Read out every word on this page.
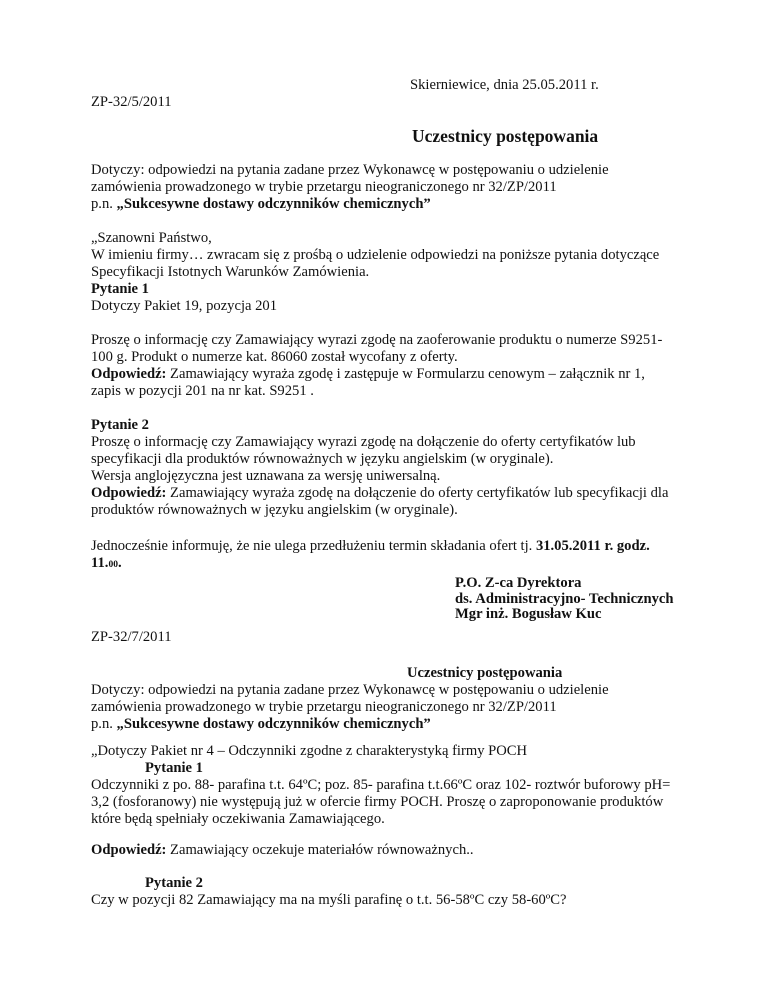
Skierniewice, dnia 25.05.2011 r.
ZP-32/5/2011
Uczestnicy postępowania
Dotyczy: odpowiedzi na pytania zadane przez Wykonawcę w postępowaniu o udzielenie zamówienia prowadzonego w trybie przetargu nieograniczonego nr 32/ZP/2011
p.n. „Sukcesywne dostawy odczynników chemicznych”
„Szanowni Państwo,
W imieniu firmy… zwracam się z prośbą o udzielenie odpowiedzi na poniższe pytania dotyczące Specyfikacji Istotnych Warunków Zamówienia.
Pytanie 1
Dotyczy Pakiet 19, pozycja 201
Proszę o informację czy Zamawiający wyrazi zgodę na zaoferowanie produktu o numerze S9251-100 g. Produkt o numerze kat. 86060 został wycofany z oferty.
Odpowiedź: Zamawiający wyraża zgodę i zastępuje w Formularzu cenowym – załącznik nr 1, zapis w pozycji 201 na nr kat. S9251 .
Pytanie 2
Proszę o informację czy Zamawiający wyrazi zgodę na dołączenie do oferty certyfikatów lub specyfikacji dla produktów równoważnych w języku angielskim (w oryginale).
Wersja anglojęzyczna jest uznawana za wersję uniwersalną.
Odpowiedź: Zamawiający wyraża zgodę na dołączenie do oferty certyfikatów lub specyfikacji dla produktów równoważnych w języku angielskim (w oryginale).
Jednocześnie informuję, że nie ulega przedłużeniu termin składania ofert tj. 31.05.2011 r. godz. 11.00.
P.O. Z-ca Dyrektora
ds. Administracyjno- Technicznych
Mgr inż. Bogusław Kuc
ZP-32/7/2011
Uczestnicy postępowania
Dotyczy: odpowiedzi na pytania zadane przez Wykonawcę w postępowaniu o udzielenie zamówienia prowadzonego w trybie przetargu nieograniczonego nr 32/ZP/2011
p.n. „Sukcesywne dostawy odczynników chemicznych”
„Dotyczy Pakiet nr 4 – Odczynniki zgodne z charakterystyką firmy POCH
Pytanie 1
Odczynniki z po. 88- parafina t.t. 64ºC; poz. 85- parafina t.t.66ºC oraz 102- roztwór buforowy pH= 3,2 (fosforanowy) nie występują już w ofercie firmy POCH. Proszę o zaproponowanie produktów które będą spełniały oczekiwania Zamawiającego.
Odpowiedź: Zamawiający oczekuje materiałów równoważnych..
Pytanie 2
Czy w pozycji 82 Zamawiający ma na myśli parafinę o t.t. 56-58ºC czy 58-60ºC?
